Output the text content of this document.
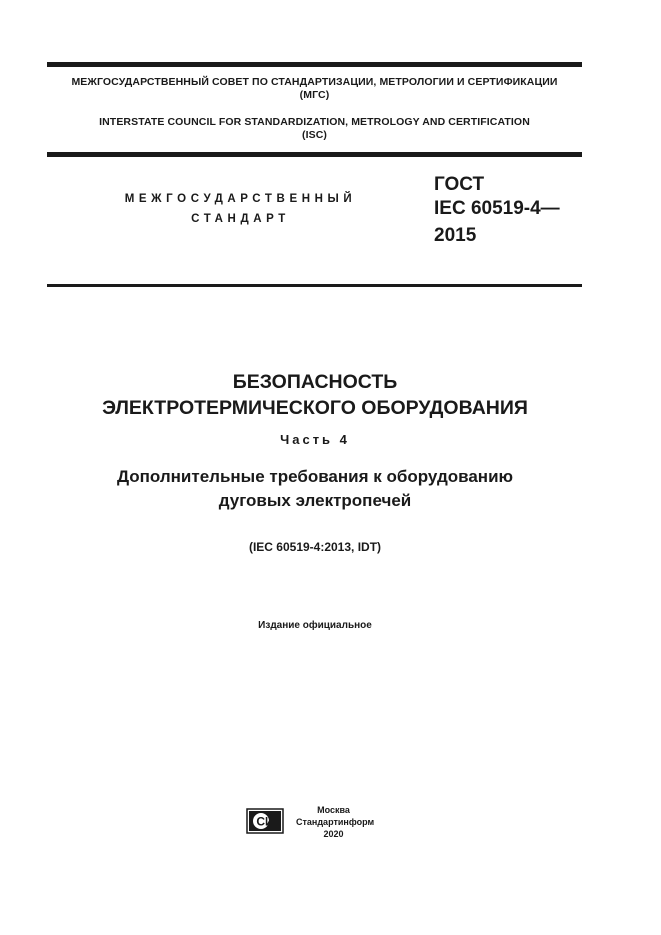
МЕЖГОСУДАРСТВЕННЫЙ СОВЕТ ПО СТАНДАРТИЗАЦИИ, МЕТРОЛОГИИ И СЕРТИФИКАЦИИ
(МГС)
INTERSTATE COUNCIL FOR STANDARDIZATION, METROLOGY AND CERTIFICATION
(ISC)
МЕЖГОСУДАРСТВЕННЫЙ
СТАНДАРТ
ГОСТ
IEC 60519-4—
2015
БЕЗОПАСНОСТЬ
ЭЛЕКТРОТЕРМИЧЕСКОГО ОБОРУДОВАНИЯ
Часть 4
Дополнительные требования к оборудованию
дуговых электропечей
(IEC 60519-4:2013, IDT)
Издание официальное
СИ
Москва
Стандартинформ
2020
